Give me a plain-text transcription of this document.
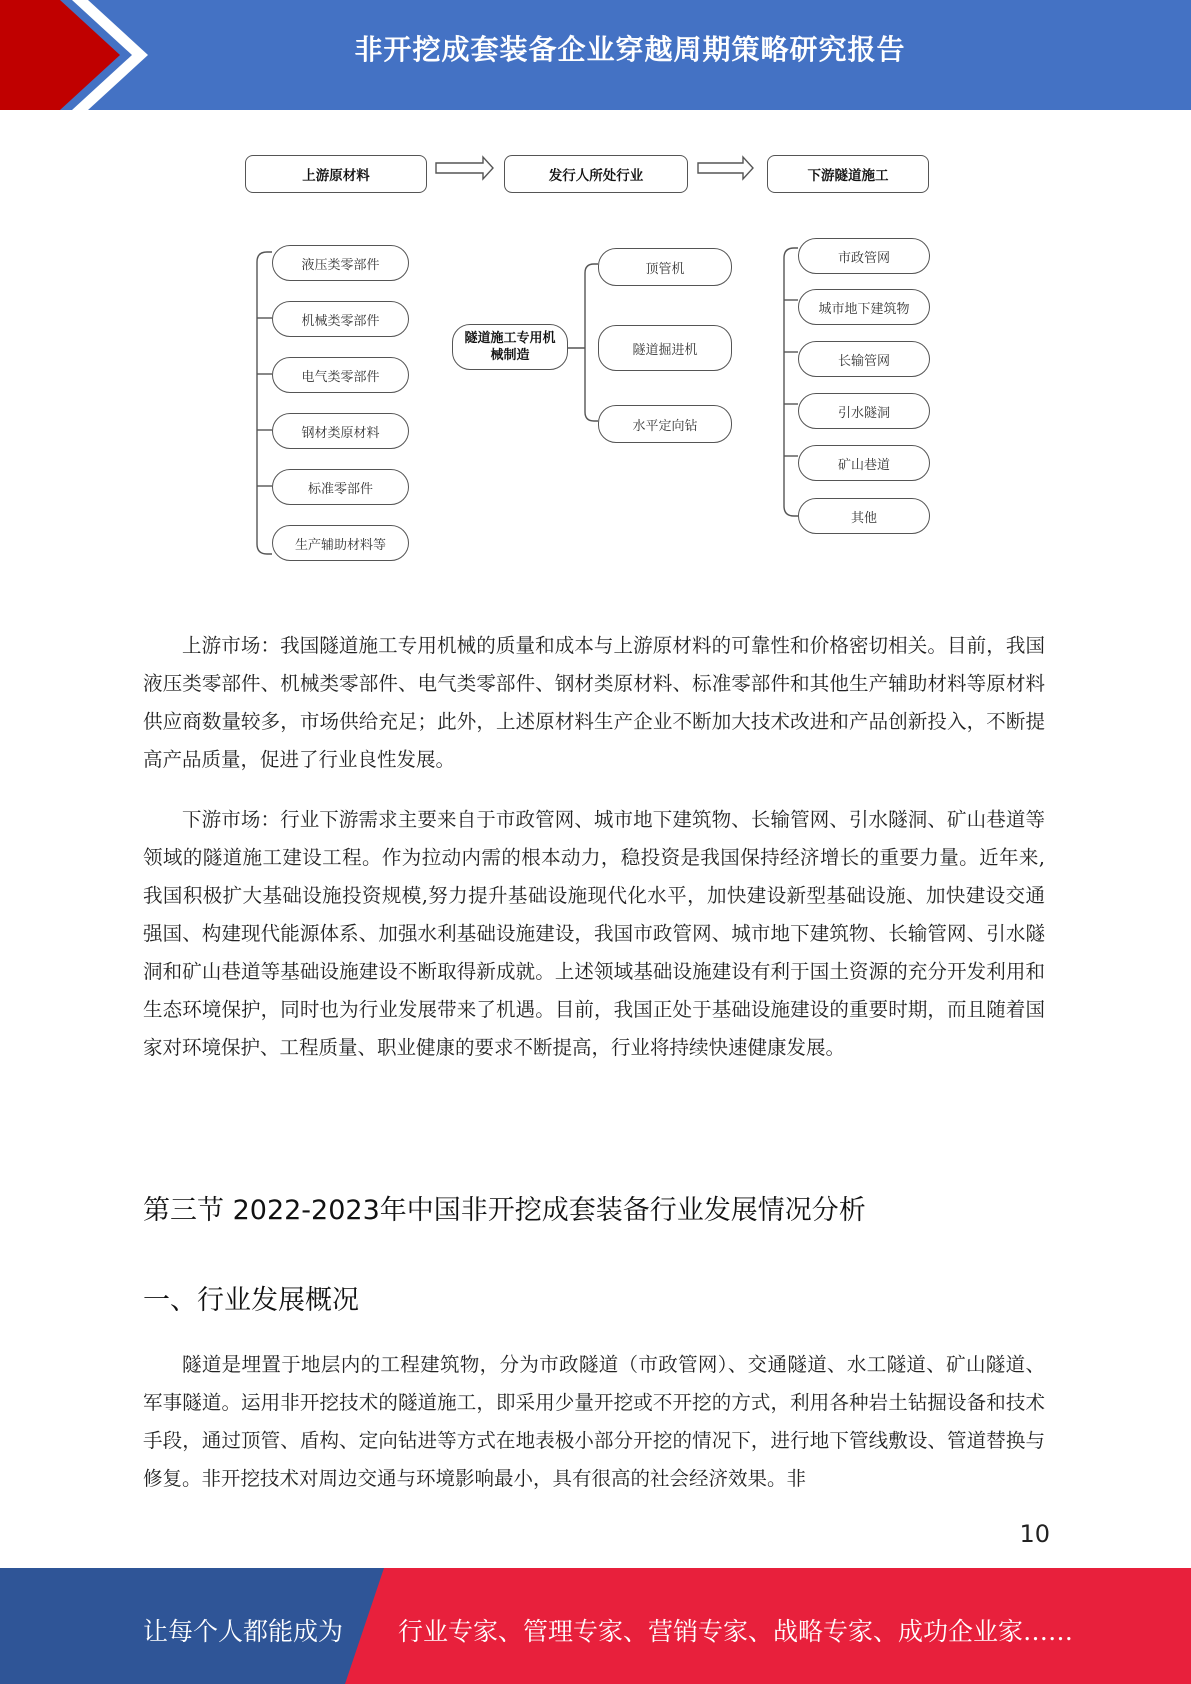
非开挖成套装备企业穿越周期策略研究报告
上游原材料	发行人所处行业	下游隧道施工
液压类零部件
机械类零部件
电气类零部件
钢材类原材料
标准零部件
生产辅助材料等
隧道施工专用机械制造
顶管机
隧道掘进机
水平定向钻
市政管网
城市地下建筑物
长输管网
引水隧洞
矿山巷道
其他
上游市场：我国隧道施工专用机械的质量和成本与上游原材料的可靠性和价格密切相关。目前，我国液压类零部件、机械类零部件、电气类零部件、钢材类原材料、标准零部件和其他生产辅助材料等原材料供应商数量较多，市场供给充足；此外，上述原材料生产企业不断加大技术改进和产品创新投入，不断提高产品质量，促进了行业良性发展。
下游市场：行业下游需求主要来自于市政管网、城市地下建筑物、长输管网、引水隧洞、矿山巷道等领域的隧道施工建设工程。作为拉动内需的根本动力，稳投资是我国保持经济增长的重要力量。近年来,我国积极扩大基础设施投资规模,努力提升基础设施现代化水平，加快建设新型基础设施、加快建设交通强国、构建现代能源体系、加强水利基础设施建设，我国市政管网、城市地下建筑物、长输管网、引水隧洞和矿山巷道等基础设施建设不断取得新成就。上述领域基础设施建设有利于国土资源的充分开发利用和生态环境保护，同时也为行业发展带来了机遇。目前，我国正处于基础设施建设的重要时期，而且随着国家对环境保护、工程质量、职业健康的要求不断提高，行业将持续快速健康发展。
第三节 2022-2023年中国非开挖成套装备行业发展情况分析
一、行业发展概况
隧道是埋置于地层内的工程建筑物，分为市政隧道（市政管网）、交通隧道、水工隧道、矿山隧道、军事隧道。运用非开挖技术的隧道施工，即采用少量开挖或不开挖的方式，利用各种岩土钻掘设备和技术手段，通过顶管、盾构、定向钻进等方式在地表极小部分开挖的情况下，进行地下管线敷设、管道替换与修复。非开挖技术对周边交通与环境影响最小，具有很高的社会经济效果。非
10
让每个人都能成为 行业专家、管理专家、营销专家、战略专家、成功企业家……
